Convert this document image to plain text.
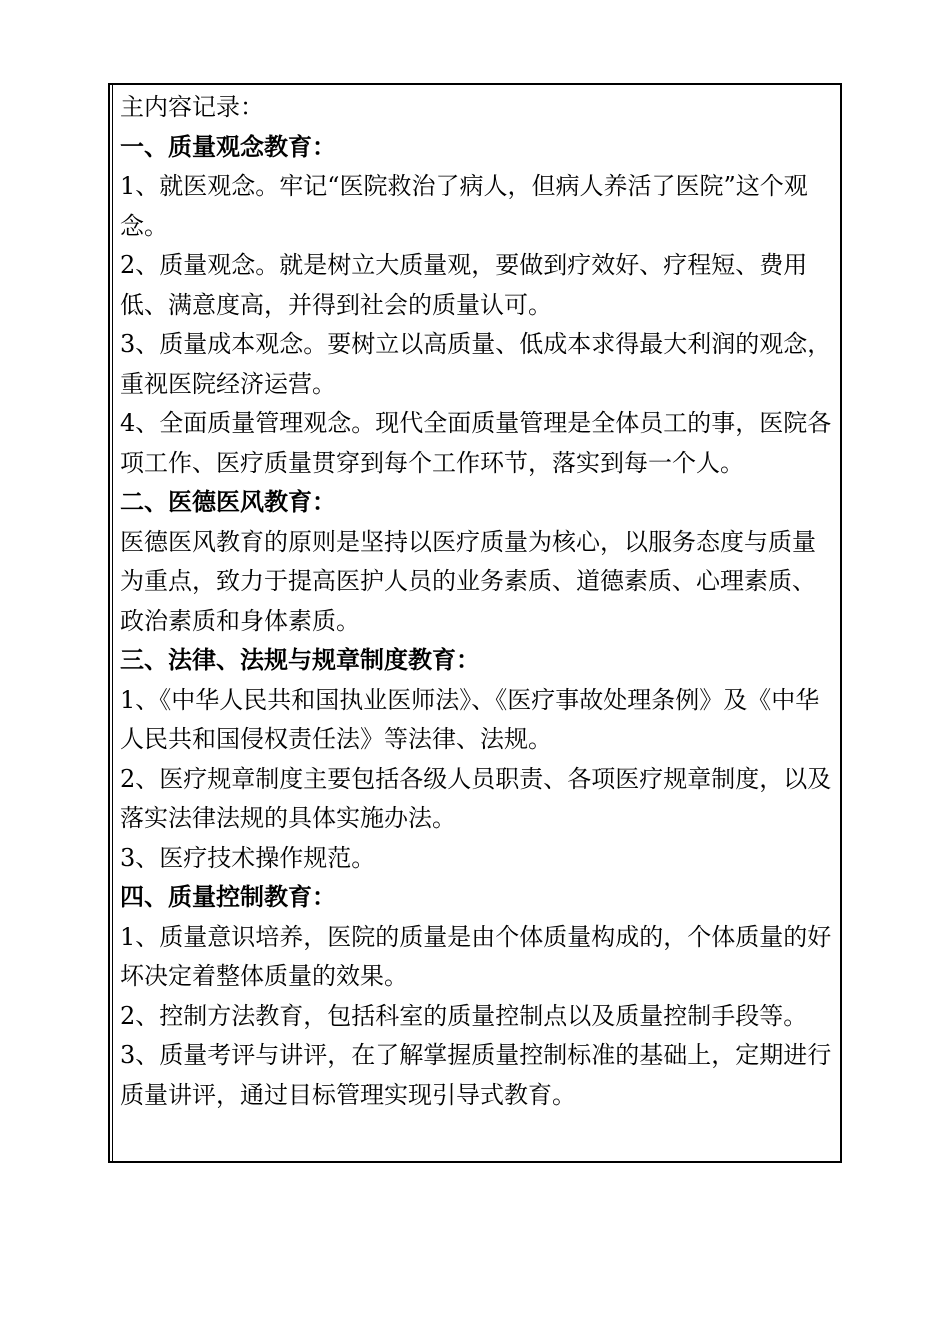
主内容记录：

一、质量观念教育：

1、就医观念。牢记“医院救治了病人，但病人养活了医院”这个观念。

2、质量观念。就是树立大质量观，要做到疗效好、疗程短、费用低、满意度高，并得到社会的质量认可。

3、质量成本观念。要树立以高质量、低成本求得最大利润的观念，重视医院经济运营。

4、全面质量管理观念。现代全面质量管理是全体员工的事，医院各项工作、医疗质量贯穿到每个工作环节，落实到每一个人。

二、医德医风教育：

医德医风教育的原则是坚持以医疗质量为核心，以服务态度与质量为重点，致力于提高医护人员的业务素质、道德素质、心理素质、政治素质和身体素质。

三、法律、法规与规章制度教育：

1、《中华人民共和国执业医师法》、《医疗事故处理条例》及《中华人民共和国侵权责任法》等法律、法规。

2、医疗规章制度主要包括各级人员职责、各项医疗规章制度，以及落实法律法规的具体实施办法。

3、医疗技术操作规范。

四、质量控制教育：

1、质量意识培养，医院的质量是由个体质量构成的，个体质量的好坏决定着整体质量的效果。

2、控制方法教育，包括科室的质量控制点以及质量控制手段等。

3、质量考评与讲评，在了解掌握质量控制标准的基础上，定期进行质量讲评，通过目标管理实现引导式教育。
